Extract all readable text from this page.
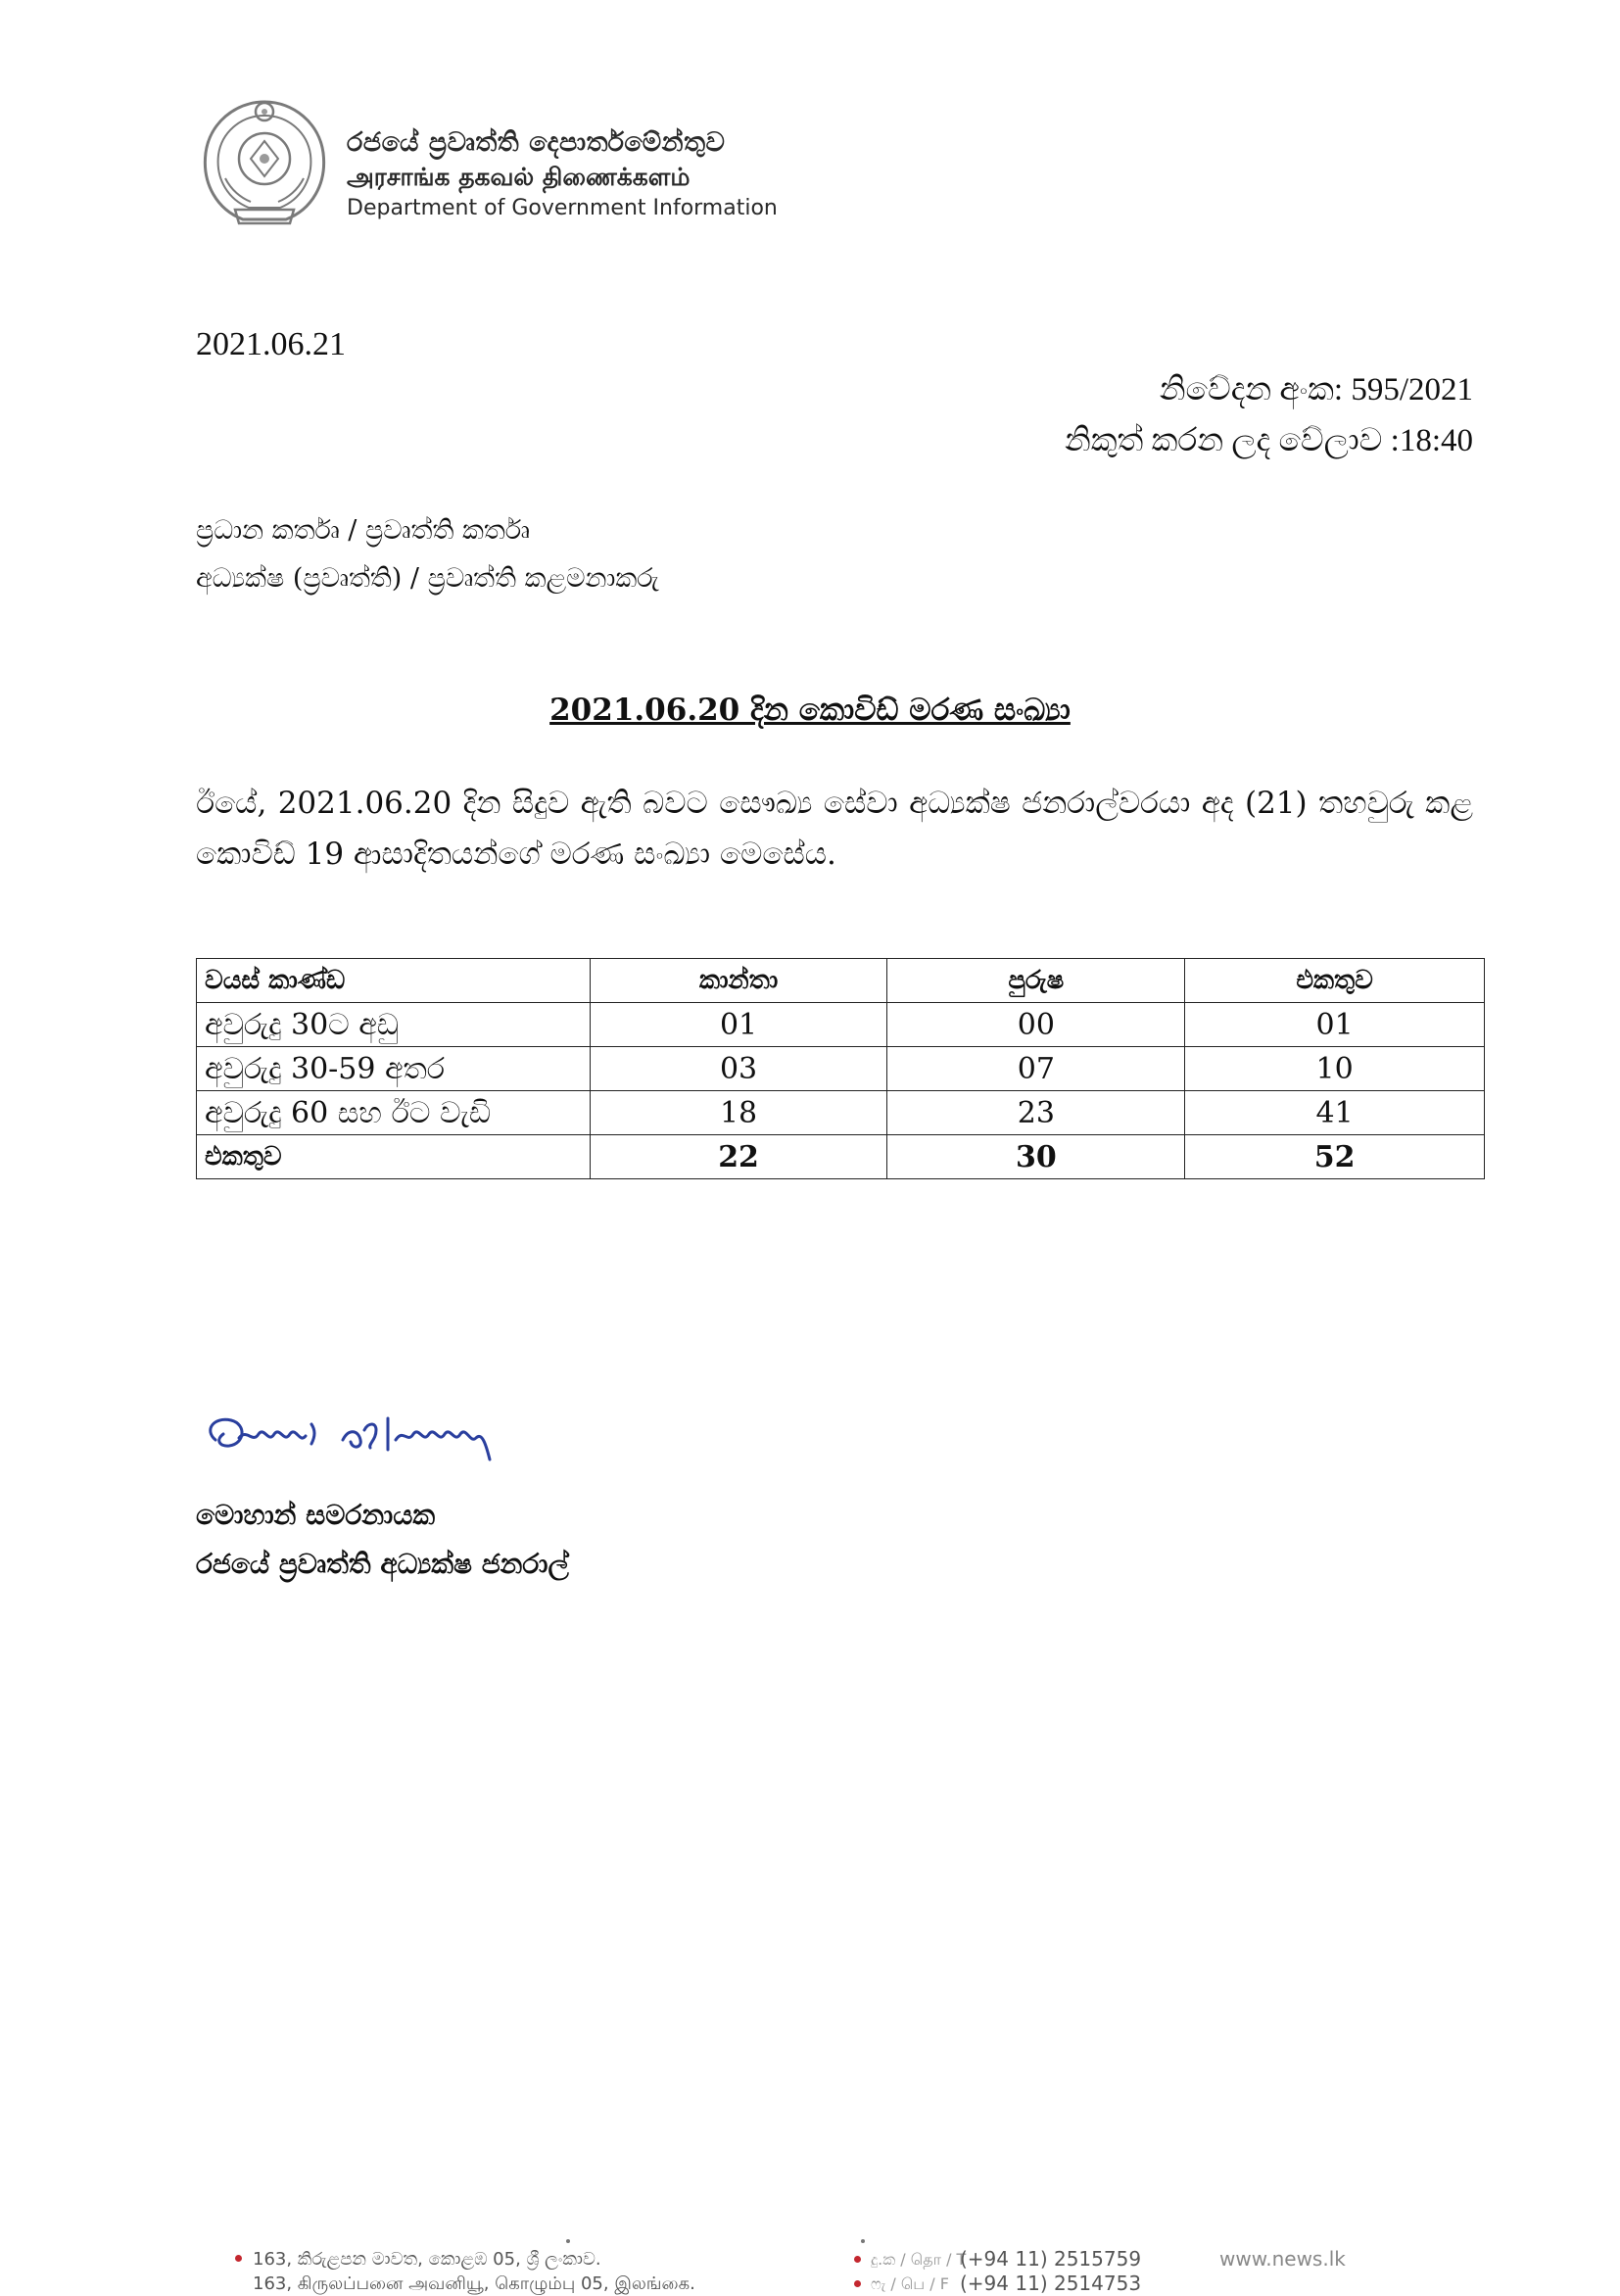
රජයේ ප්‍රවෘත්ති දෙපාර්තමේන්තුව
அரசாங்க தகவல் திணைக்களம்
Department of Government Information
2021.06.21
නිවේදන අංක: 595/2021
නිකුත් කරන ලද වේලාව :18:40
ප්‍රධාන කර්තෘ / ප්‍රවෘත්ති කර්තෘ
අධ්‍යක්ෂ (ප්‍රවෘත්ති) / ප්‍රවෘත්ති කළමනාකරු
2021.06.20 දින කොවිඩ් මරණ සංඛ්‍යා
ඊයේ, 2021.06.20 දින සිදුව ඇති බවට සෞඛ්‍ය සේවා අධ්‍යක්ෂ ජනරාල්වරයා අද (21) තහවුරු කළ කොවිඩ් 19 ආසාදිතයන්ගේ මරණ සංඛ්‍යා මෙසේය.
වයස් කාණ්ඩ	කාන්තා	පුරුෂ	එකතුව
අවුරුදු 30ට අඩු	01	00	01
අවුරුදු 30-59 අතර	03	07	10
අවුරුදු 60 සහ ඊට වැඩි	18	23	41
එකතුව	22	30	52
මොහාන් සමරනායක
රජයේ ප්‍රවෘත්ති අධ්‍යක්ෂ ජනරාල්
163, කිරුළපන මාවත, කොළඹ 05, ශ්‍රී ලංකාව.
163, கிருலப்பனை அவனியூ, கொழும்பு 05, இலங்கை.
දු.ක / தொ / T
(+94 11) 2515759
ෆැ / பெ / F (+94 11) 2514753
www.news.lk
